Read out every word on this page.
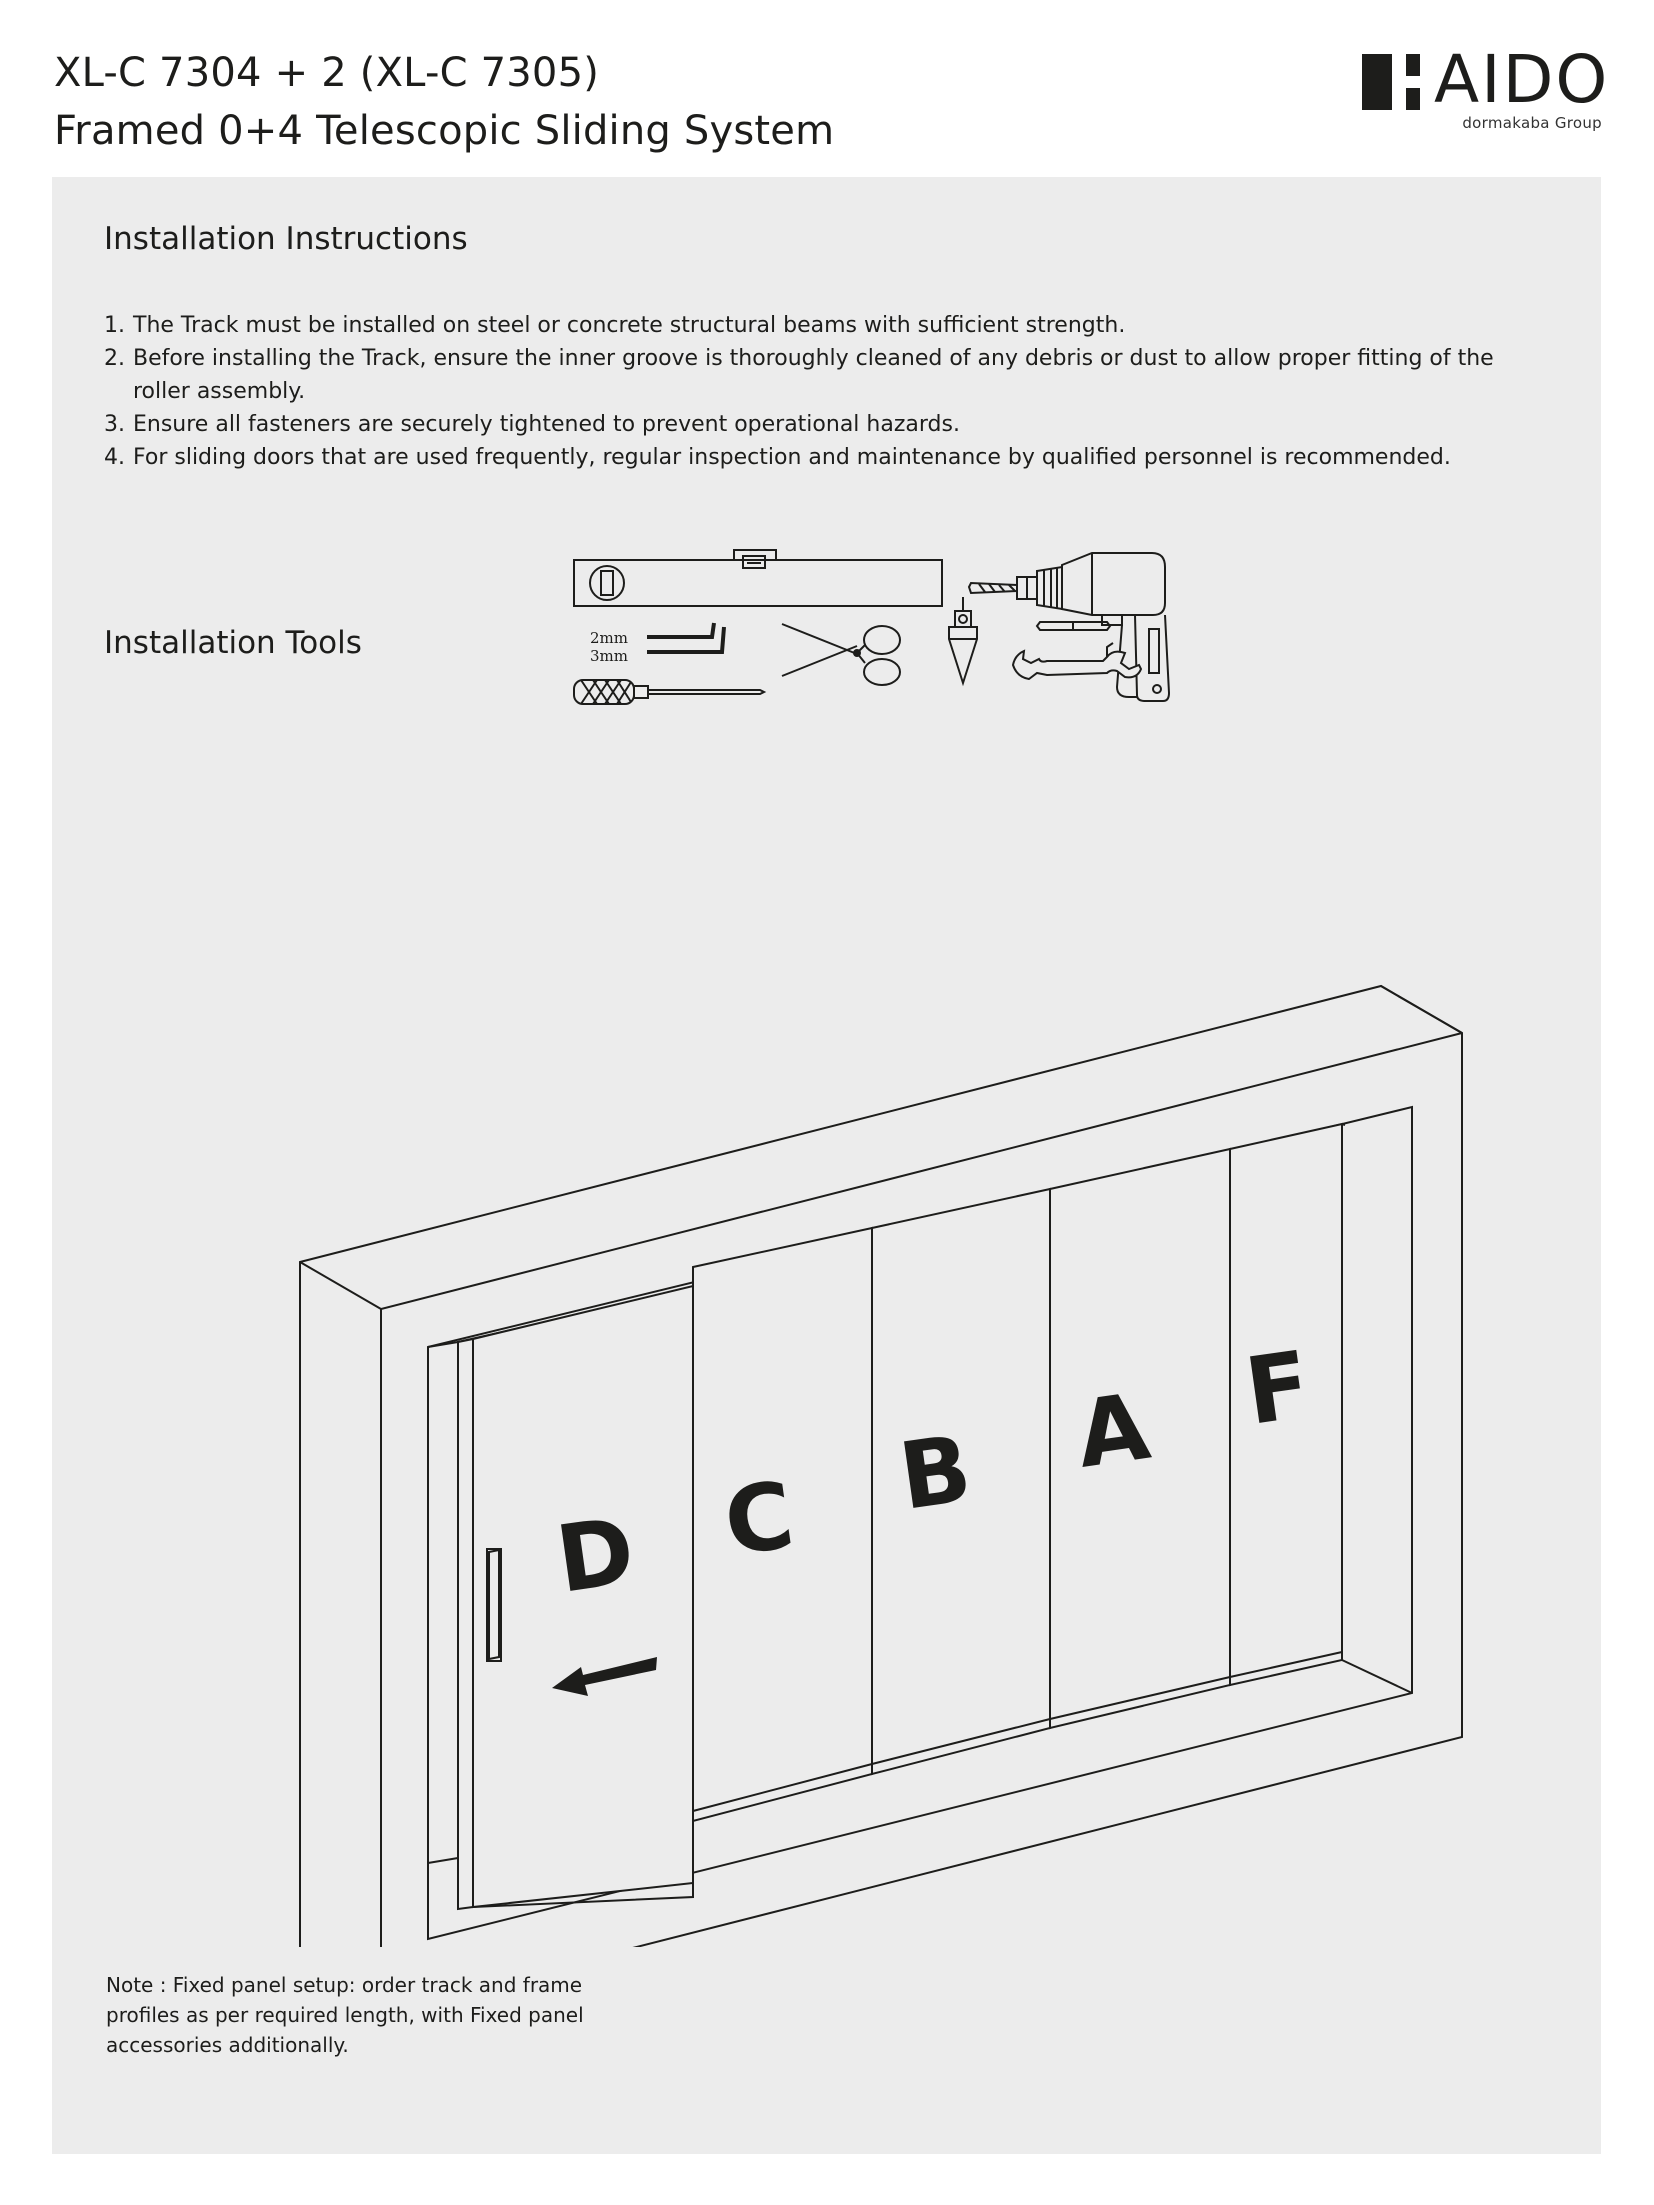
XL-C 7304 + 2 (XL-C 7305)
Framed 0+4 Telescopic Sliding System
AIDO
dormakaba Group
Installation Instructions
1. The Track must be installed on steel or concrete structural beams with sufficient strength.
2. Before installing the Track, ensure the inner groove is thoroughly cleaned of any debris or dust to allow proper fitting of the roller assembly.
3. Ensure all fasteners are securely tightened to prevent operational hazards.
4. For sliding doors that are used frequently, regular inspection and maintenance by qualified personnel is recommended.
Installation Tools	2mm
3mm
D C B A F
Note : Fixed panel setup: order track and frame profiles as per required length, with Fixed panel accessories additionally.
